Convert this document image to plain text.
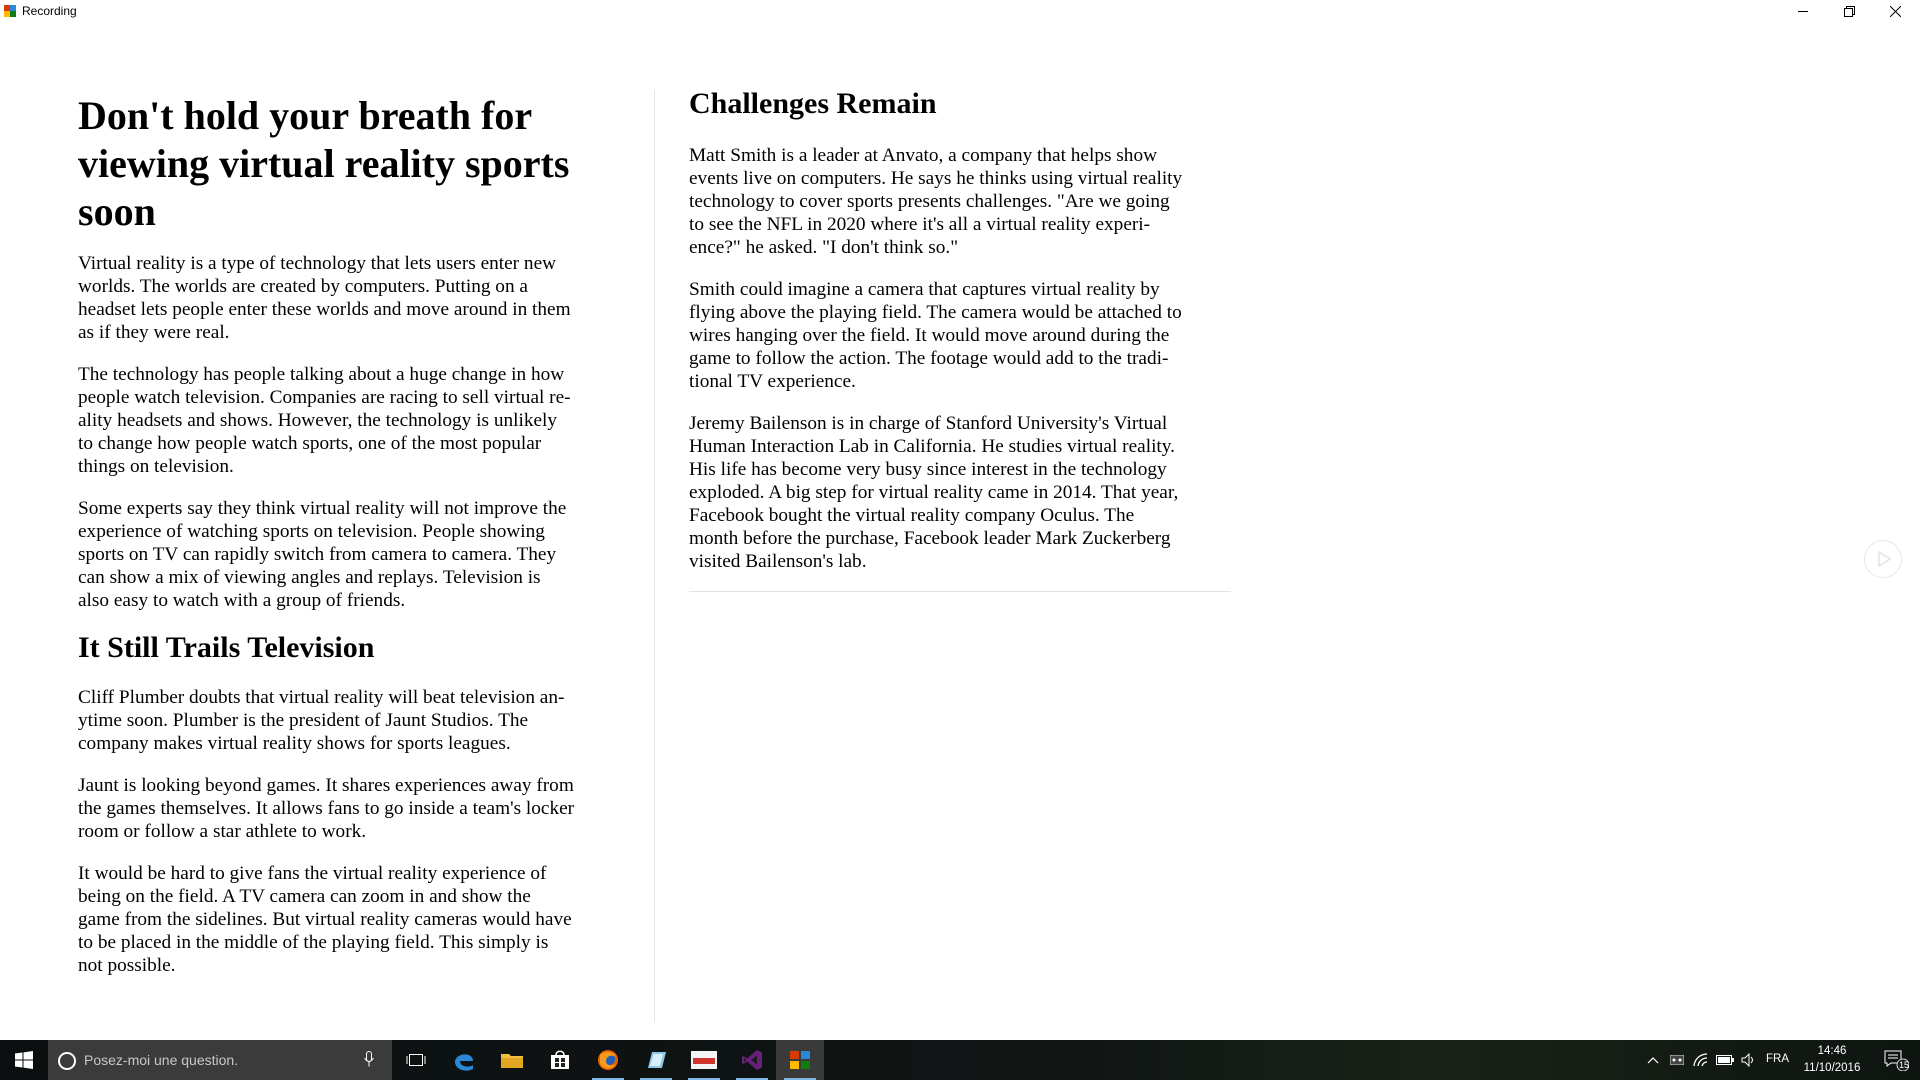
Recording
Don't hold your breath for
viewing virtual reality sports
soon

Virtual reality is a type of technology that lets users enter new
worlds. The worlds are created by computers. Putting on a
headset lets people enter these worlds and move around in them
as if they were real.

The technology has people talking about a huge change in how
people watch television. Companies are racing to sell virtual re-
ality headsets and shows. However, the technology is unlikely
to change how people watch sports, one of the most popular
things on television.

Some experts say they think virtual reality will not improve the
experience of watching sports on television. People showing
sports on TV can rapidly switch from camera to camera. They
can show a mix of viewing angles and replays. Television is
also easy to watch with a group of friends.

It Still Trails Television

Cliff Plumber doubts that virtual reality will beat television an-
ytime soon. Plumber is the president of Jaunt Studios. The
company makes virtual reality shows for sports leagues.

Jaunt is looking beyond games. It shares experiences away from
the games themselves. It allows fans to go inside a team's locker
room or follow a star athlete to work.

It would be hard to give fans the virtual reality experience of
being on the field. A TV camera can zoom in and show the
game from the sidelines. But virtual reality cameras would have
to be placed in the middle of the playing field. This simply is
not possible.

Challenges Remain

Matt Smith is a leader at Anvato, a company that helps show
events live on computers. He says he thinks using virtual reality
technology to cover sports presents challenges. "Are we going
to see the NFL in 2020 where it's all a virtual reality experi-
ence?" he asked. "I don't think so."

Smith could imagine a camera that captures virtual reality by
flying above the playing field. The camera would be attached to
wires hanging over the field. It would move around during the
game to follow the action. The footage would add to the tradi-
tional TV experience.

Jeremy Bailenson is in charge of Stanford University's Virtual
Human Interaction Lab in California. He studies virtual reality.
His life has become very busy since interest in the technology
exploded. A big step for virtual reality came in 2014. That year,
Facebook bought the virtual reality company Oculus. The
month before the purchase, Facebook leader Mark Zuckerberg
visited Bailenson's lab.

Posez-moi une question.	FRA
14:46
11/10/2016	15
